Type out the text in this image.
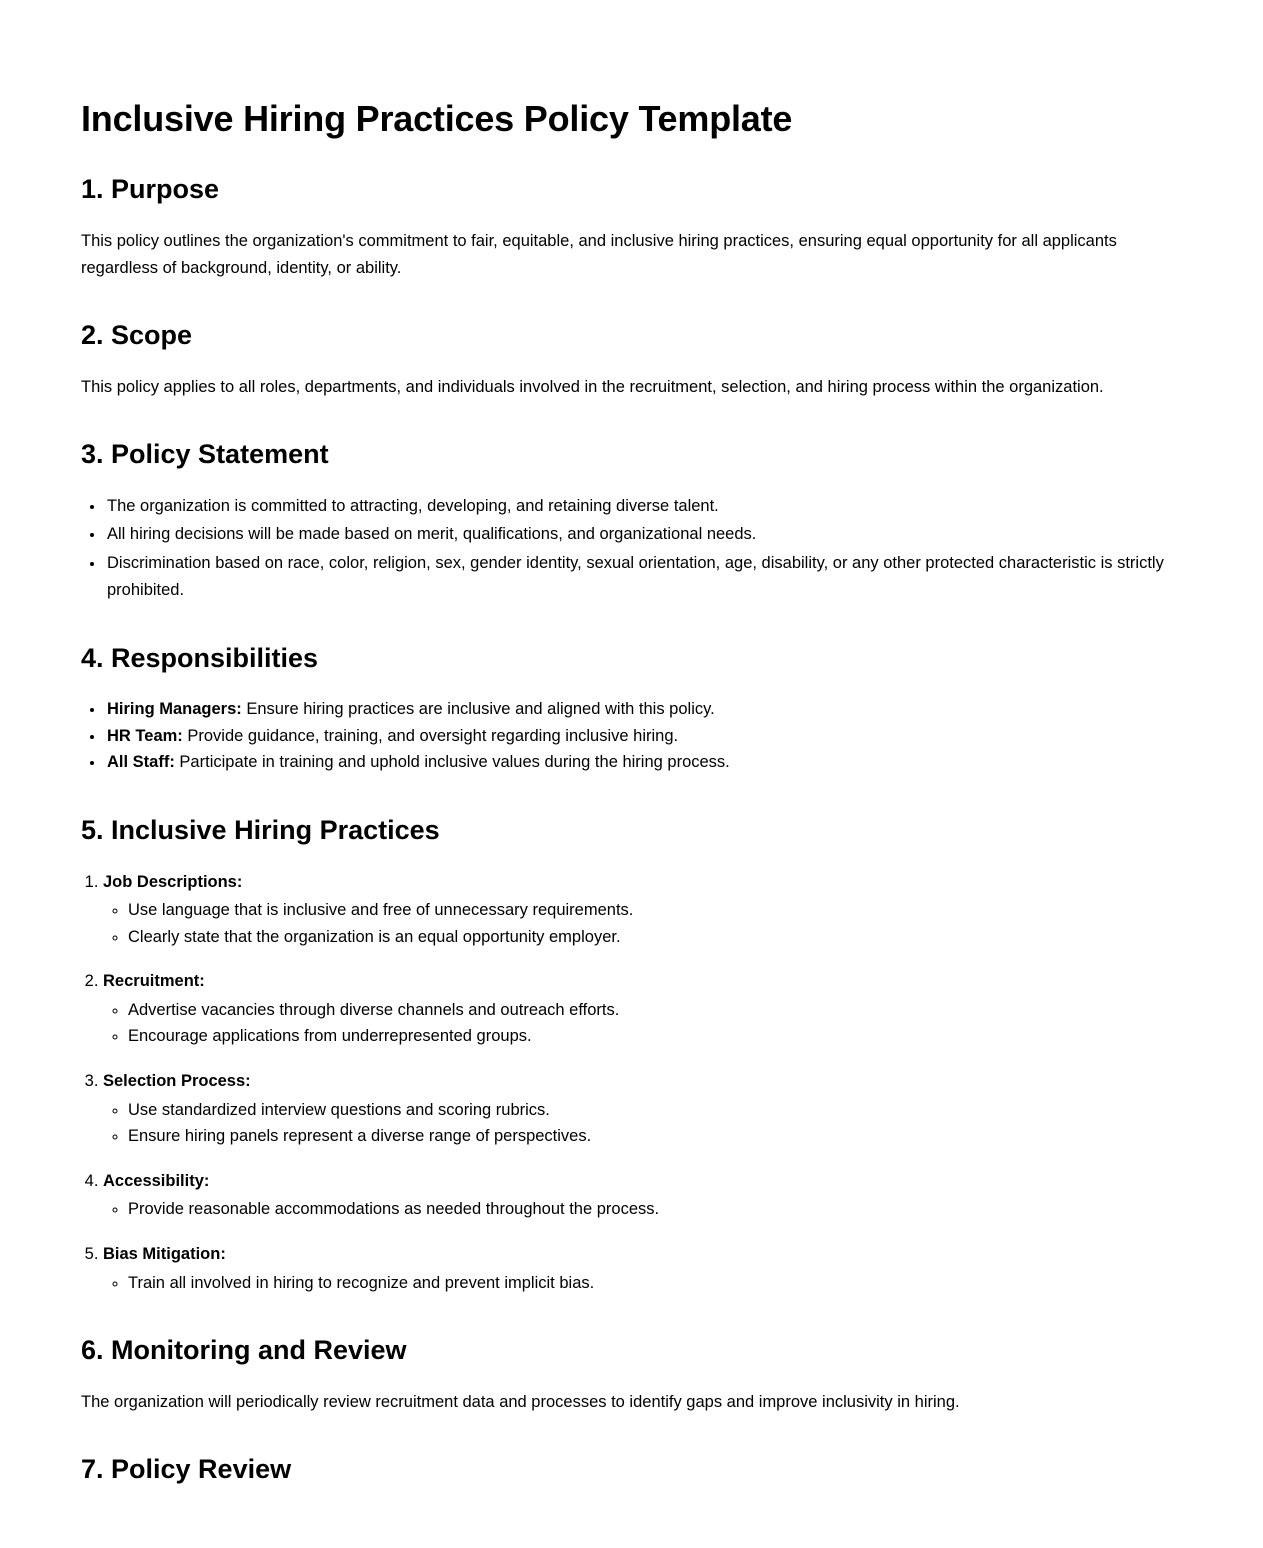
Inclusive Hiring Practices Policy Template
1. Purpose

This policy outlines the organization's commitment to fair, equitable, and inclusive hiring practices, ensuring equal opportunity for all applicants regardless of background, identity, or ability.

2. Scope

This policy applies to all roles, departments, and individuals involved in the recruitment, selection, and hiring process within the organization.

3. Policy Statement
• The organization is committed to attracting, developing, and retaining diverse talent.
• All hiring decisions will be made based on merit, qualifications, and organizational needs.
• Discrimination based on race, color, religion, sex, gender identity, sexual orientation, age, disability, or any other protected characteristic is strictly prohibited.
4. Responsibilities
• Hiring Managers: Ensure hiring practices are inclusive and aligned with this policy.
• HR Team: Provide guidance, training, and oversight regarding inclusive hiring.
• All Staff: Participate in training and uphold inclusive values during the hiring process.
5. Inclusive Hiring Practices
1. Job Descriptions:
◦ Use language that is inclusive and free of unnecessary requirements.
◦ Clearly state that the organization is an equal opportunity employer.
2. Recruitment:
◦ Advertise vacancies through diverse channels and outreach efforts.
◦ Encourage applications from underrepresented groups.
3. Selection Process:
◦ Use standardized interview questions and scoring rubrics.
◦ Ensure hiring panels represent a diverse range of perspectives.
4. Accessibility:
◦ Provide reasonable accommodations as needed throughout the process.
5. Bias Mitigation:
◦ Train all involved in hiring to recognize and prevent implicit bias.
6. Monitoring and Review

The organization will periodically review recruitment data and processes to identify gaps and improve inclusivity in hiring.

7. Policy Review
